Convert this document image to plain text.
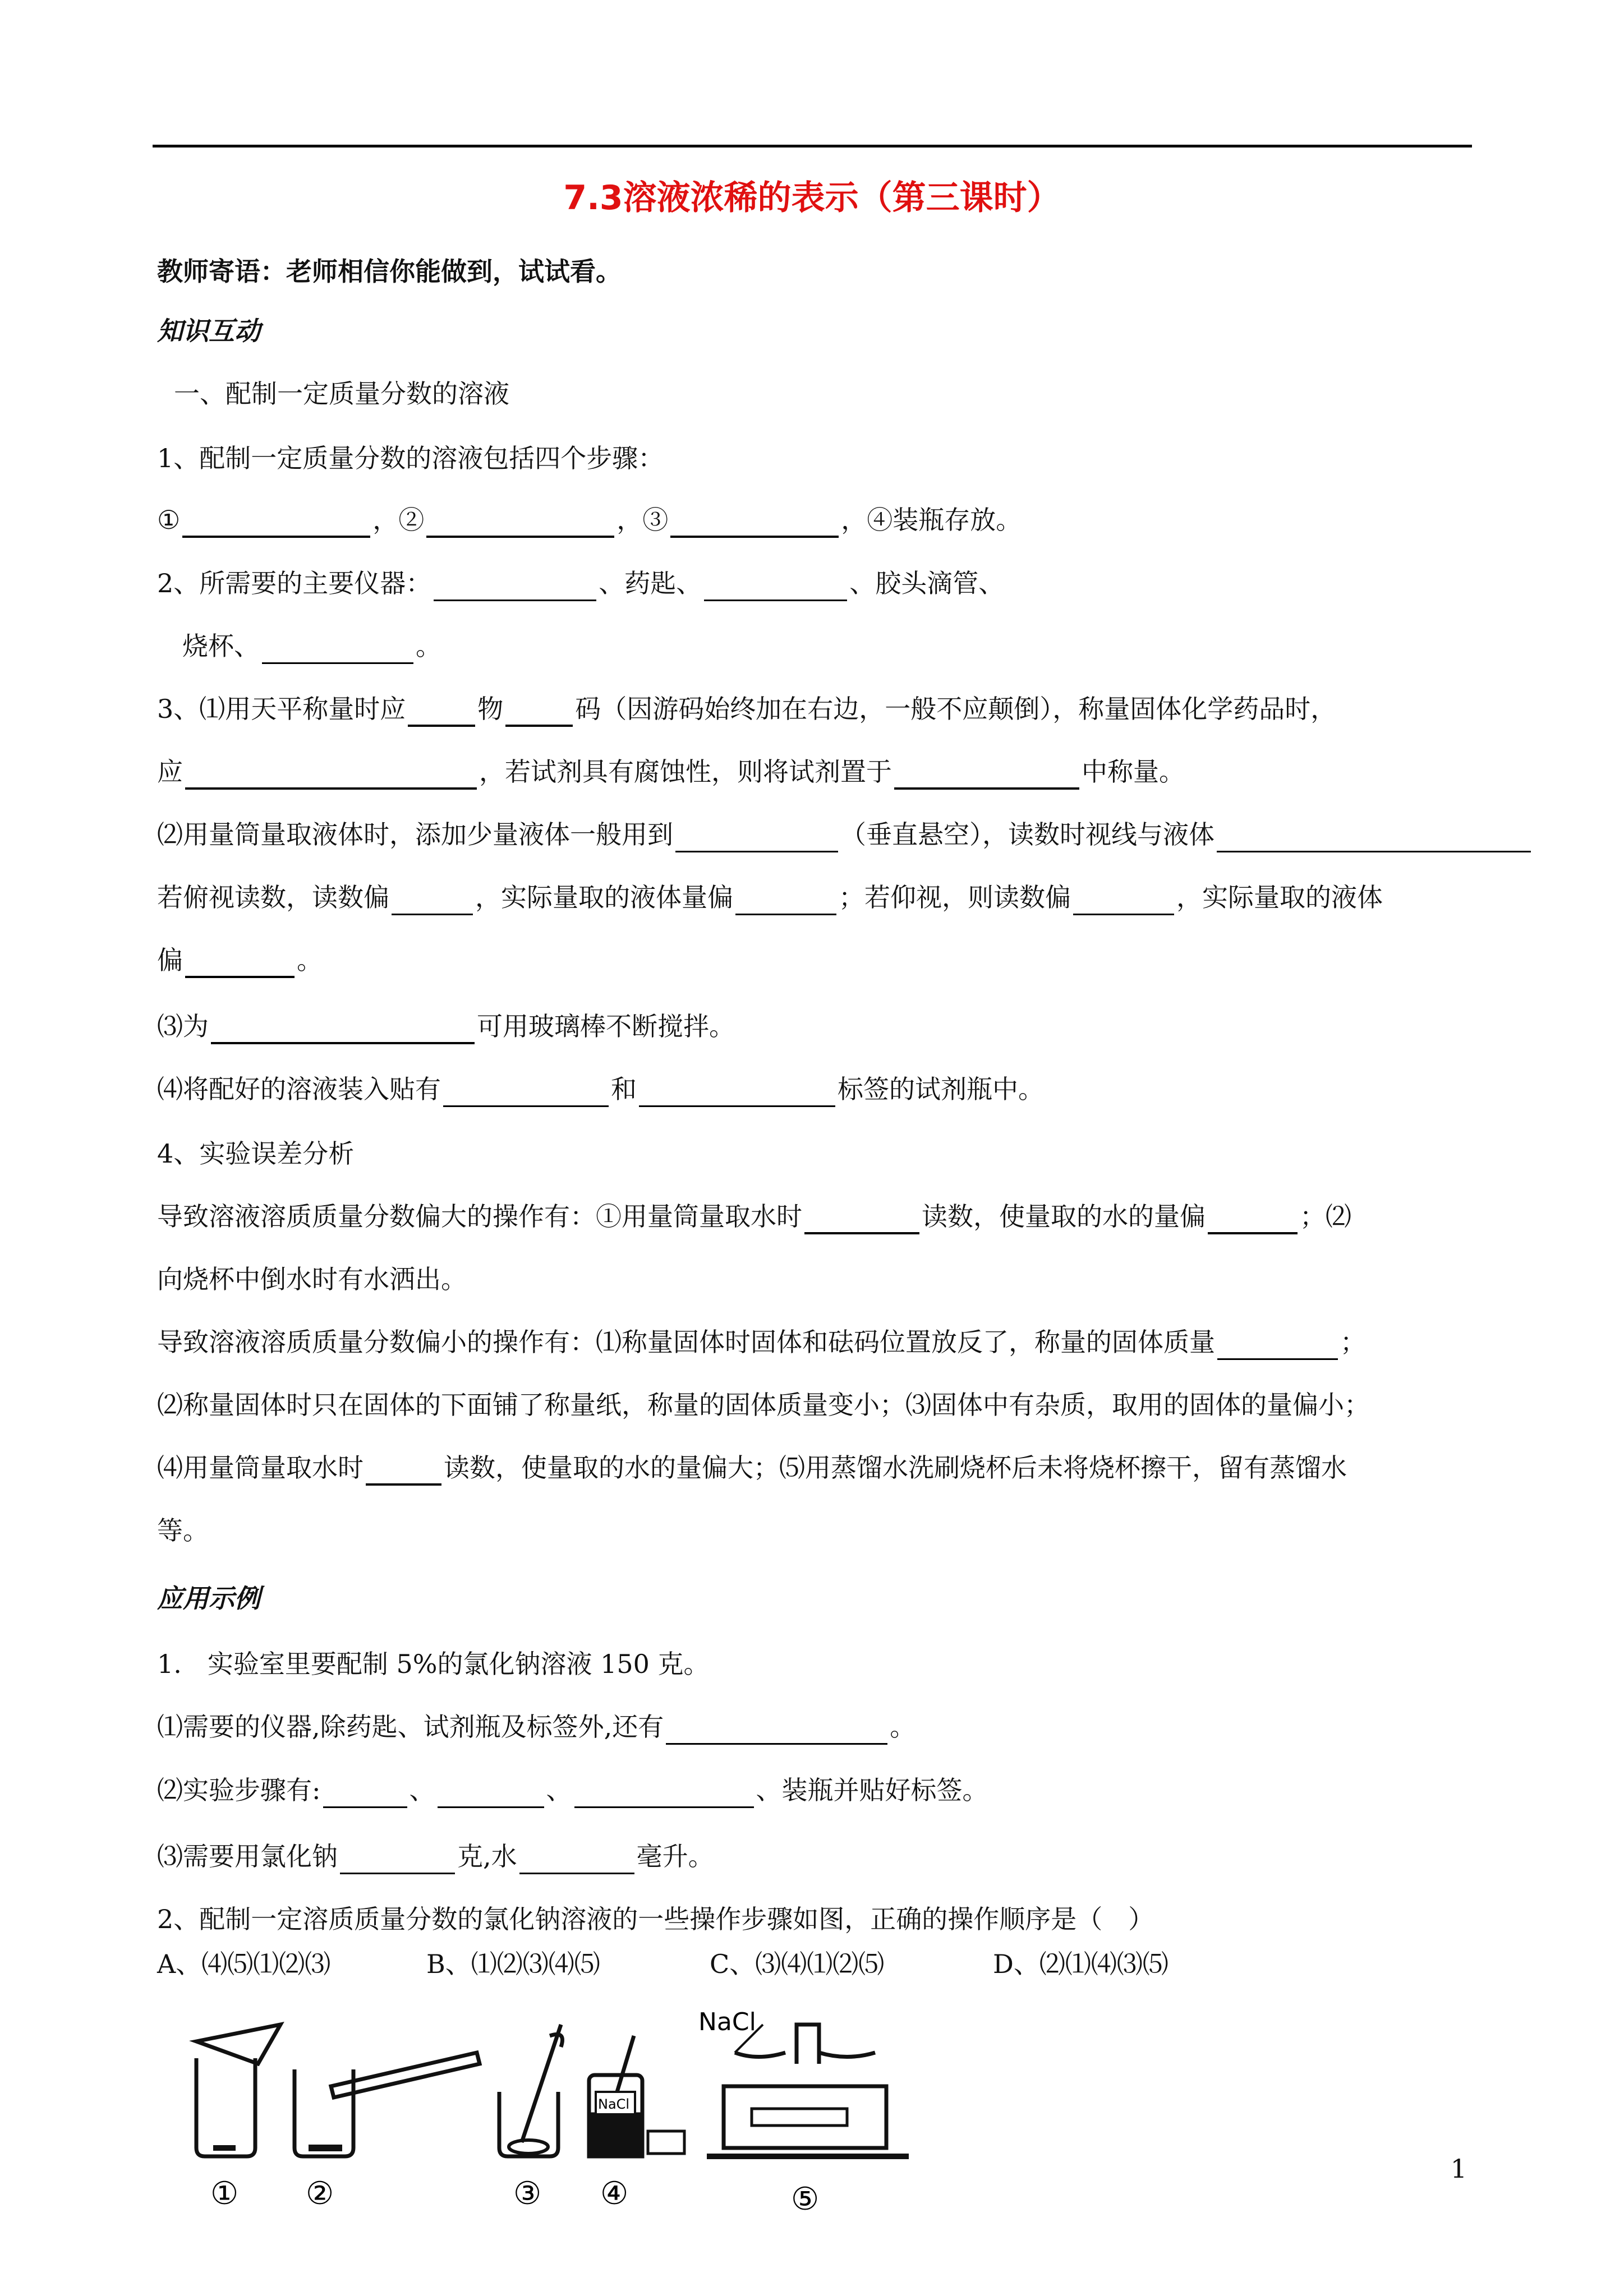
7.3溶液浓稀的表示（第三课时）
教师寄语：老师相信你能做到，试试看。
知识互动
一、配制一定质量分数的溶液
1、配制一定质量分数的溶液包括四个步骤：
①	，②	，③	，④装瓶存放。
2、所需要的主要仪器：	、药匙、	、胶头滴管、
烧杯、	。
3、⑴用天平称量时应	物	码（因游码始终加在右边，一般不应颠倒），称量固体化学药品时，
应	，若试剂具有腐蚀性，则将试剂置于	中称量。
⑵用量筒量取液体时，添加少量液体一般用到	（垂直悬空），读数时视线与液体
若俯视读数，读数偏	，实际量取的液体量偏	；若仰视，则读数偏	，实际量取的液体
偏	。
⑶为	可用玻璃棒不断搅拌。
⑷将配好的溶液装入贴有	和	标签的试剂瓶中。
4、实验误差分析
导致溶液溶质质量分数偏大的操作有：①用量筒量取水时	读数，使量取的水的量偏	；⑵
向烧杯中倒水时有水洒出。
导致溶液溶质质量分数偏小的操作有：⑴称量固体时固体和砝码位置放反了，称量的固体质量	；
⑵称量固体时只在固体的下面铺了称量纸，称量的固体质量变小；⑶固体中有杂质，取用的固体的量偏小；
⑷用量筒量取水时	读数，使量取的水的量偏大；⑸用蒸馏水洗刷烧杯后未将烧杯擦干，留有蒸馏水
等。
应用示例
1.　实验室里要配制 5%的氯化钠溶液 150 克。
⑴需要的仪器,除药匙、试剂瓶及标签外,还有	。
⑵实验步骤有:	、	、	、装瓶并贴好标签。
⑶需要用氯化钠	克,水	毫升。
2、配制一定溶质质量分数的氯化钠溶液的一些操作步骤如图，正确的操作顺序是（　）
A、⑷⑸⑴⑵⑶	B、⑴⑵⑶⑷⑸	C、⑶⑷⑴⑵⑸	D、⑵⑴⑷⑶⑸
NaCl
NaCl
① ②	③ ④	⑤
1
